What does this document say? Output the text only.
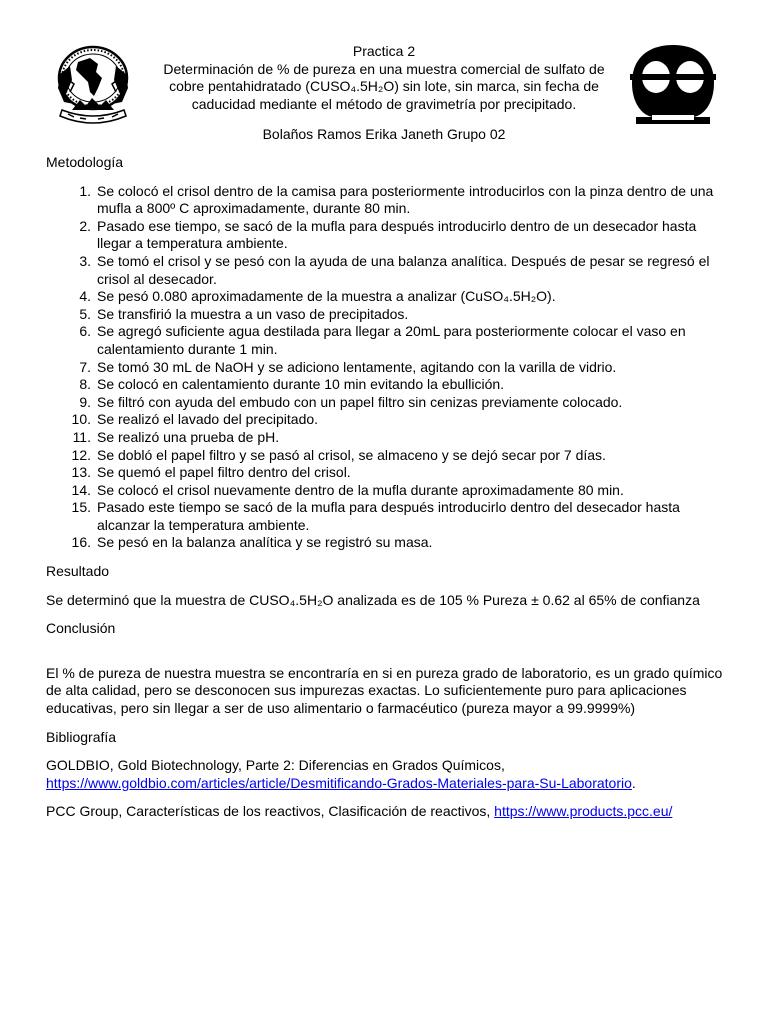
Practica 2

Determinación de % de pureza en una muestra comercial de sulfato de

cobre pentahidratado (CUSO₄.5H₂O) sin lote, sin marca, sin fecha de

caducidad mediante el método de gravimetría por precipitado.

Bolaños Ramos Erika Janeth Grupo 02

Metodología

Se colocó el crisol dentro de la camisa para posteriormente introducirlos con la pinza dentro de una mufla a 800º C aproximadamente, durante 80 min.
Pasado ese tiempo, se sacó de la mufla para después introducirlo dentro de un desecador hasta llegar a temperatura ambiente.
Se tomó el crisol y se pesó con la ayuda de una balanza analítica. Después de pesar se regresó el crisol al desecador.
Se pesó 0.080 aproximadamente de la muestra a analizar (CuSO₄.5H₂O).
Se transfirió la muestra a un vaso de precipitados.
Se agregó suficiente agua destilada para llegar a 20mL para posteriormente colocar el vaso en calentamiento durante 1 min.
Se tomó 30 mL de NaOH y se adiciono lentamente, agitando con la varilla de vidrio.
Se colocó en calentamiento durante 10 min evitando la ebullición.
Se filtró con ayuda del embudo con un papel filtro sin cenizas previamente colocado.
Se realizó el lavado del precipitado.
Se realizó una prueba de pH.
Se dobló el papel filtro y se pasó al crisol, se almaceno y se dejó secar por 7 días.
Se quemó el papel filtro dentro del crisol.
Se colocó el crisol nuevamente dentro de la mufla durante aproximadamente 80 min.
Pasado este tiempo se sacó de la mufla para después introducirlo dentro del desecador hasta alcanzar la temperatura ambiente.
Se pesó en la balanza analítica y se registró su masa.

Resultado

Se determinó que la muestra de CUSO₄.5H₂O analizada es de 105 % Pureza ± 0.62 al 65% de confianza

Conclusión

El % de pureza de nuestra muestra se encontraría en si en pureza grado de laboratorio, es un grado químico de alta calidad, pero se desconocen sus impurezas exactas. Lo suficientemente puro para aplicaciones educativas, pero sin llegar a ser de uso alimentario o farmacéutico (pureza mayor a 99.9999%)

Bibliografía

GOLDBIO, Gold Biotechnology, Parte 2: Diferencias en Grados Químicos,
https://www.goldbio.com/articles/article/Desmitificando-Grados-Materiales-para-Su-Laboratorio.

PCC Group, Características de los reactivos, Clasificación de reactivos, https://www.products.pcc.eu/
